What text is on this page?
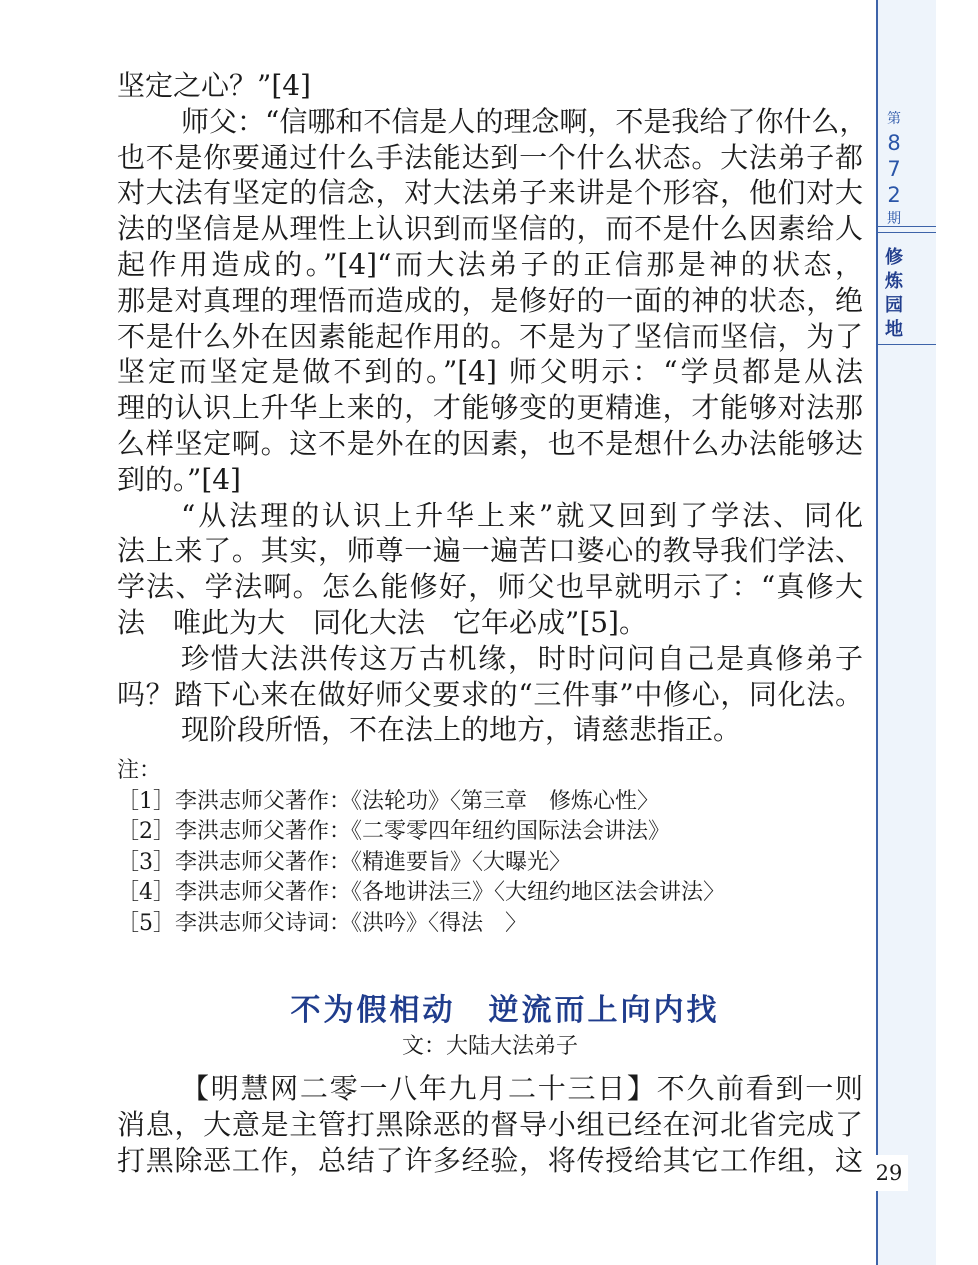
坚定之心？”[4]
师父：“信哪和不信是人的理念啊，不是我给了你什么，
也不是你要通过什么手法能达到一个什么状态。大法弟子都
对大法有坚定的信念，对大法弟子来讲是个形容，他们对大
法的坚信是从理性上认识到而坚信的，而不是什么因素给人
起作用造成的。”[4]“而大法弟子的正信那是神的状态，
那是对真理的理悟而造成的，是修好的一面的神的状态，绝
不是什么外在因素能起作用的。不是为了坚信而坚信，为了
坚定而坚定是做不到的。”[4] 师父明示：“学员都是从法
理的认识上升华上来的，才能够变的更精進，才能够对法那
么样坚定啊。这不是外在的因素，也不是想什么办法能够达
到的。”[4]
“从法理的认识上升华上来”就又回到了学法、同化
法上来了。其实，师尊一遍一遍苦口婆心的教导我们学法、
学法、学法啊。怎么能修好，师父也早就明示了：“真修大
法　唯此为大　同化大法　它年必成”[5]。
珍惜大法洪传这万古机缘，时时问问自己是真修弟子
吗？踏下心来在做好师父要求的“三件事”中修心，同化法。
现阶段所悟，不在法上的地方，请慈悲指正。
注：
［1］李洪志师父著作：《法轮功》〈第三章　修炼心性〉
［2］李洪志师父著作：《二零零四年纽约国际法会讲法》
［3］李洪志师父著作：《精進要旨》〈大曝光〉
［4］李洪志师父著作：《各地讲法三》〈大纽约地区法会讲法〉
［5］李洪志师父诗词：《洪吟》〈得法　〉
不为假相动　逆流而上向内找
文：大陆大法弟子
【明慧网二零一八年九月二十三日】不久前看到一则
消息，大意是主管打黑除恶的督导小组已经在河北省完成了
打黑除恶工作，总结了许多经验，将传授给其它工作组，这
第
8
7
2
期
修
炼
园
地
29
